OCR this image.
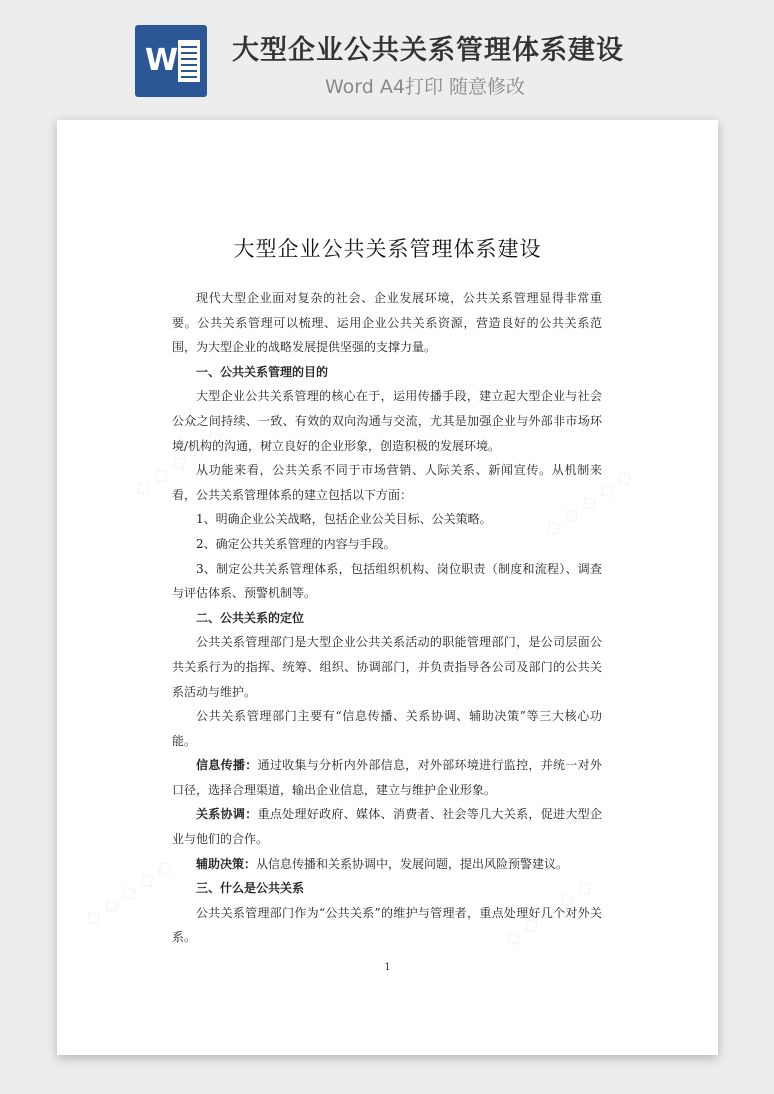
W 大型企业公共关系管理体系建设
Word A4打印 随意修改
◇ ◇ ◇ ◇ ◇
◇ ◇ ◇ ◇ ◇
◇ ◇ ◇ ◇ ◇	◇ ◇ ◇ ◇ ◇
大型企业公共关系管理体系建设

现代大型企业面对复杂的社会、企业发展环境，公共关系管理显得非常重要。公共关系管理可以梳理、运用企业公共关系资源，营造良好的公共关系范围，为大型企业的战略发展提供坚强的支撑力量。

一、公共关系管理的目的

大型企业公共关系管理的核心在于，运用传播手段，建立起大型企业与社会公众之间持续、一致、有效的双向沟通与交流，尤其是加强企业与外部非市场环境/机构的沟通，树立良好的企业形象，创造积极的发展环境。

从功能来看，公共关系不同于市场营销、人际关系、新闻宣传。从机制来看，公共关系管理体系的建立包括以下方面：

1、明确企业公关战略，包括企业公关目标、公关策略。

2、确定公共关系管理的内容与手段。

3、制定公共关系管理体系，包括组织机构、岗位职责（制度和流程）、调查与评估体系、预警机制等。

二、公共关系的定位

公共关系管理部门是大型企业公共关系活动的职能管理部门，是公司层面公共关系行为的指挥、统筹、组织、协调部门，并负责指导各公司及部门的公共关系活动与维护。

公共关系管理部门主要有“信息传播、关系协调、辅助决策”等三大核心功能。

信息传播：通过收集与分析内外部信息，对外部环境进行监控，并统一对外口径，选择合理渠道，输出企业信息，建立与维护企业形象。

关系协调：重点处理好政府、媒体、消费者、社会等几大关系，促进大型企业与他们的合作。

辅助决策：从信息传播和关系协调中，发展问题，提出风险预警建议。

三、什么是公共关系

公共关系管理部门作为“公共关系”的维护与管理者，重点处理好几个对外关系。

1
